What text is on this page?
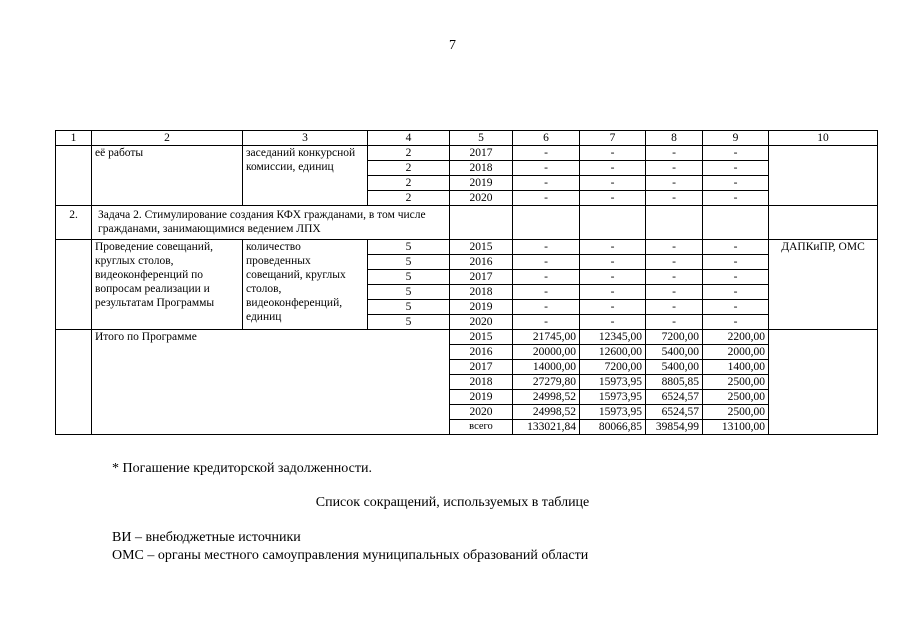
7
1	2	3	4	5	6	7	8	9	10
	её работы	заседаний конкурсной комиссии, единиц	2	2017	-	-	-	-	
			2	2018	-	-	-	-	
			2	2019	-	-	-	-	
			2	2020	-	-	-	-	
2.	Задача 2. Стимулирование создания КФХ гражданами, в том числе гражданами, занимающимися ведением ЛПХ								
	Проведение совещаний, круглых столов, видеоконференций по вопросам реализации и результатам Программы	количество проведенных совещаний, круглых столов, видеоконференций, единиц	5	2015	-	-	-	-	ДАПКиПР, ОМС
			5	2016	-	-	-	-	
			5	2017	-	-	-	-	
			5	2018	-	-	-	-	
			5	2019	-	-	-	-	
			5	2020	-	-	-	-	
	Итого по Программе			2015	21745,00	12345,00	7200,00	2200,00	
				2016	20000,00	12600,00	5400,00	2000,00	
				2017	14000,00	7200,00	5400,00	1400,00	
				2018	27279,80	15973,95	8805,85	2500,00	
				2019	24998,52	15973,95	6524,57	2500,00	
				2020	24998,52	15973,95	6524,57	2500,00	
				всего	133021,84	80066,85	39854,99	13100,00	
* Погашение кредиторской задолженности.
Список сокращений, используемых в таблице
ВИ – внебюджетные источники
ОМС – органы местного самоуправления муниципальных образований области
